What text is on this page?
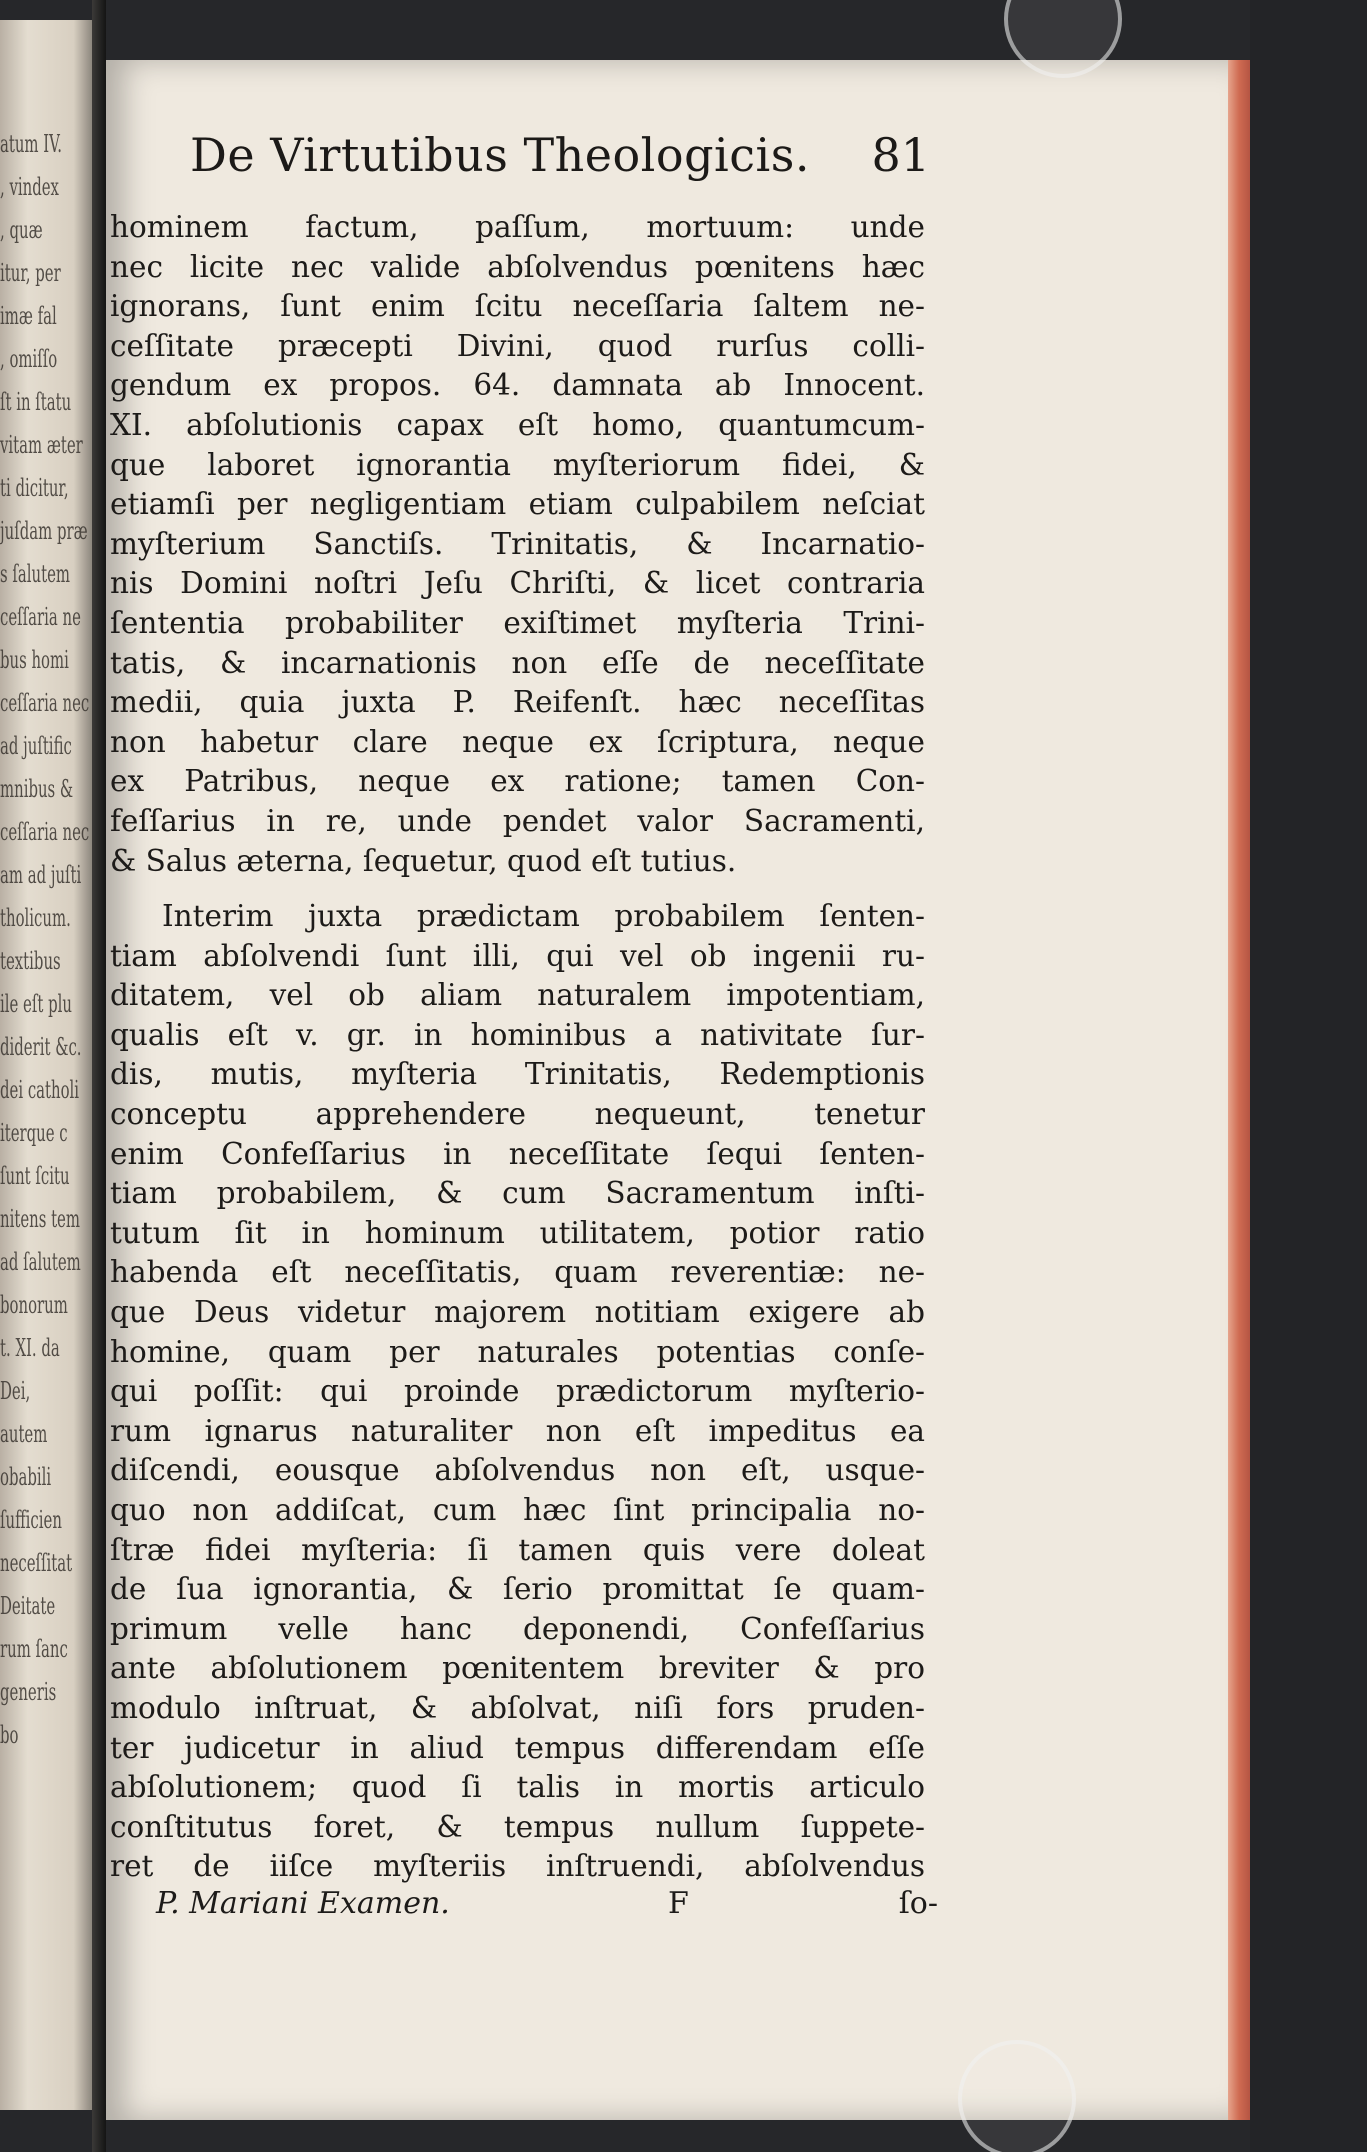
atum IV.
, vindex
, quæ
itur, per
imæ fal
, omiſſo
ſt in ſtatu
vitam æter
ti dicitur,
juſdam præ
s ſalutem
ceſſaria ne
bus homi
ceſſaria nec
ad juſtific
mnibus &
ceſſaria nec
am ad juſti
tholicum.
textibus
ile eſt plu
diderit &c.
dei catholi
iterque c
ſunt ſcitu
nitens tem
ad ſalutem
bonorum
t. XI. da
Dei,
autem
obabili
ſufficien
neceſſitat
Deitate
rum ſanc
generis
bo
De Virtutibus Theologicis. 81
hominem factum, paſſum, mortuum: unde
nec licite nec valide abſolvendus pœnitens hæc
ignorans, ſunt enim ſcitu neceſſaria ſaltem ne-
ceſſitate præcepti Divini, quod rurſus colli-
gendum ex propos. 64. damnata ab Innocent.
XI. abſolutionis capax eſt homo, quantumcum-
que laboret ignorantia myſteriorum fidei, &
etiamſi per negligentiam etiam culpabilem neſciat
myſterium Sanctiſs. Trinitatis, & Incarnatio-
nis Domini noſtri Jeſu Chriſti, & licet contraria
ſententia probabiliter exiſtimet myſteria Trini-
tatis, & incarnationis non eſſe de neceſſitate
medii, quia juxta P. Reifenſt. hæc neceſſitas
non habetur clare neque ex ſcriptura, neque
ex Patribus, neque ex ratione; tamen Con-
feſſarius in re, unde pendet valor Sacramenti,
& Salus æterna, ſequetur, quod eſt tutius.
Interim juxta prædictam probabilem ſenten-
tiam abſolvendi ſunt illi, qui vel ob ingenii ru-
ditatem, vel ob aliam naturalem impotentiam,
qualis eſt v. gr. in hominibus a nativitate ſur-
dis, mutis, myſteria Trinitatis, Redemptionis
conceptu apprehendere nequeunt, tenetur
enim Confeſſarius in neceſſitate ſequi ſenten-
tiam probabilem, & cum Sacramentum inſti-
tutum ſit in hominum utilitatem, potior ratio
habenda eſt neceſſitatis, quam reverentiæ: ne-
que Deus videtur majorem notitiam exigere ab
homine, quam per naturales potentias conſe-
qui poſſit: qui proinde prædictorum myſterio-
rum ignarus naturaliter non eſt impeditus ea
diſcendi, eousque abſolvendus non eſt, usque-
quo non addiſcat, cum hæc ſint principalia no-
ſtræ fidei myſteria: ſi tamen quis vere doleat
de ſua ignorantia, & ſerio promittat ſe quam-
primum velle hanc deponendi, Confeſſarius
ante abſolutionem pœnitentem breviter & pro
modulo inſtruat, & abſolvat, niſi fors pruden-
ter judicetur in aliud tempus differendam eſſe
abſolutionem; quod ſi talis in mortis articulo
conſtitutus foret, & tempus nullum ſuppete-
ret de iiſce myſteriis inſtruendi, abſolvendus
P. Mariani Examen.	F	ſo-
